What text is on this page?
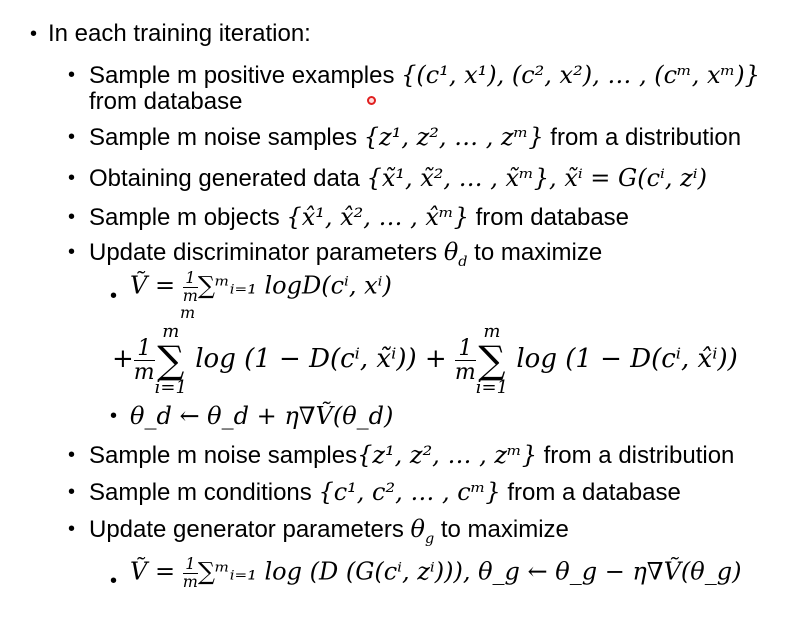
• In each training iteration:
• Sample m positive examples {(c¹, x¹), (c², x²), … , (cᵐ, xᵐ)}
from database
• Sample m noise samples {z¹, z², … , zᵐ} from a distribution
• Obtaining generated data {x̃¹, x̃², … , x̃ᵐ}, x̃ⁱ = G(cⁱ, zⁱ)
• Sample m objects {x̂¹, x̂², … , x̂ᵐ} from database
• Update discriminator parameters $\theta_d$ to maximize
• Ṽ = $\frac{1}{m}$ ∑ᵐᵢ₌₁ logD(cⁱ, xⁱ)
m
+ $\frac{1}{m}$
m
∑
i=1
log (1 − D(cⁱ, x̃ⁱ)) + $\frac{1}{m}$
m
∑
i=1
log (1 − D(cⁱ, x̂ⁱ))
• θ_d ← θ_d + η∇Ṽ(θ_d)
• Sample m noise samples{z¹, z², … , zᵐ} from a distribution
• Sample m conditions {c¹, c², … , cᵐ} from a database
• Update generator parameters $\theta_g$ to maximize
• Ṽ = $\frac{1}{m}$ ∑ᵐᵢ₌₁ log (D (G(cⁱ, zⁱ))), θ_g ← θ_g − η∇Ṽ(θ_g)
